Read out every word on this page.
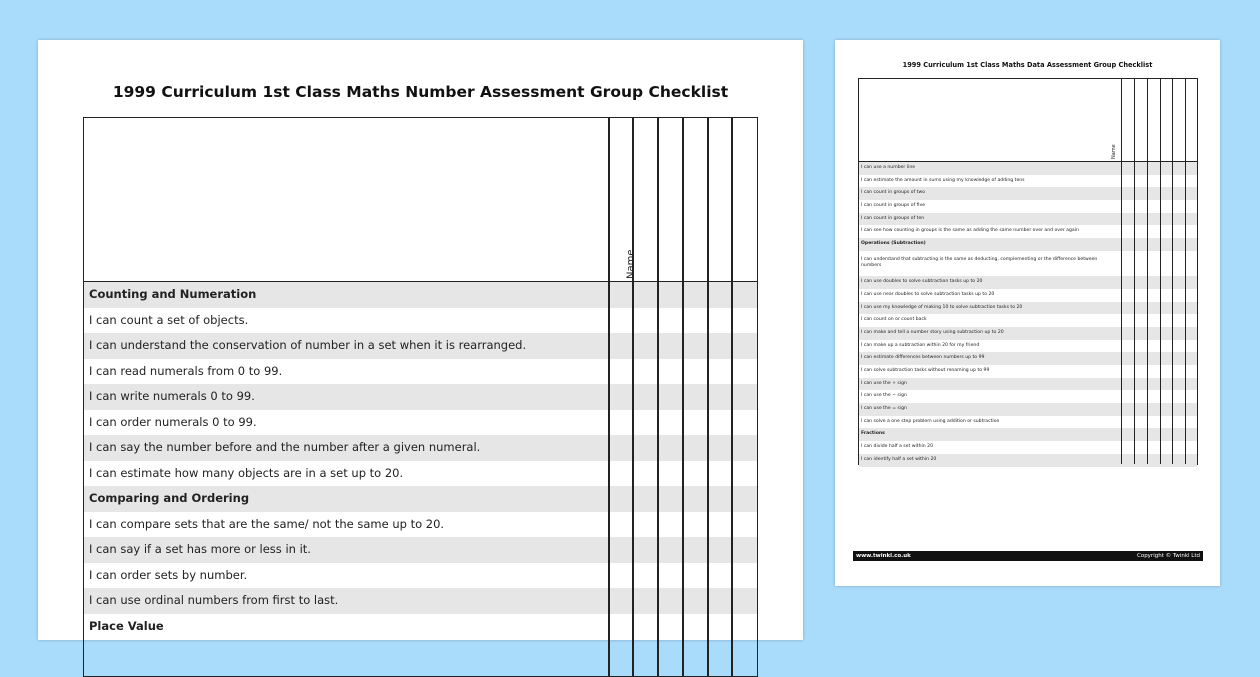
1999 Curriculum 1st Class Maths Number Assessment Group Checklist
Name
Counting and Numeration
I can count a set of objects.
I can understand the conservation of number in a set when it is rearranged.
I can read numerals from 0 to 99.
I can write numerals 0 to 99.
I can order numerals 0 to 99.
I can say the number before and the number after a given numeral.
I can estimate how many objects are in a set up to 20.
Comparing and Ordering
I can compare sets that are the same/ not the same up to 20.
I can say if a set has more or less in it.
I can order sets by number.
I can use ordinal numbers from first to last.
Place Value
1999 Curriculum 1st Class Maths Data Assessment Group Checklist
Name
I can use a number line
I can estimate the amount in sums using my knowledge of adding tens
I can count in groups of two
I can count in groups of five
I can count in groups of ten
I can see how counting in groups is the same as adding the same number over and over again
Operations (Subtraction)
I can understand that subtracting is the same as deducting, complementing or the difference between numbers
I can use doubles to solve subtraction tasks up to 20
I can use near doubles to solve subtraction tasks up to 20
I can use my knowledge of making 10 to solve subtraction tasks to 20
I can count on or count back
I can make and tell a number story using subtraction up to 20
I can make up a subtraction within 20 for my friend
I can estimate differences between numbers up to 99
I can solve subtraction tasks without renaming up to 99
I can use the + sign
I can use the − sign
I can use the = sign
I can solve a one step problem using addition or subtraction
Fractions
I can divide half a set within 20
I can identify half a set within 20
www.twinkl.co.uk	Copyright © Twinkl Ltd
